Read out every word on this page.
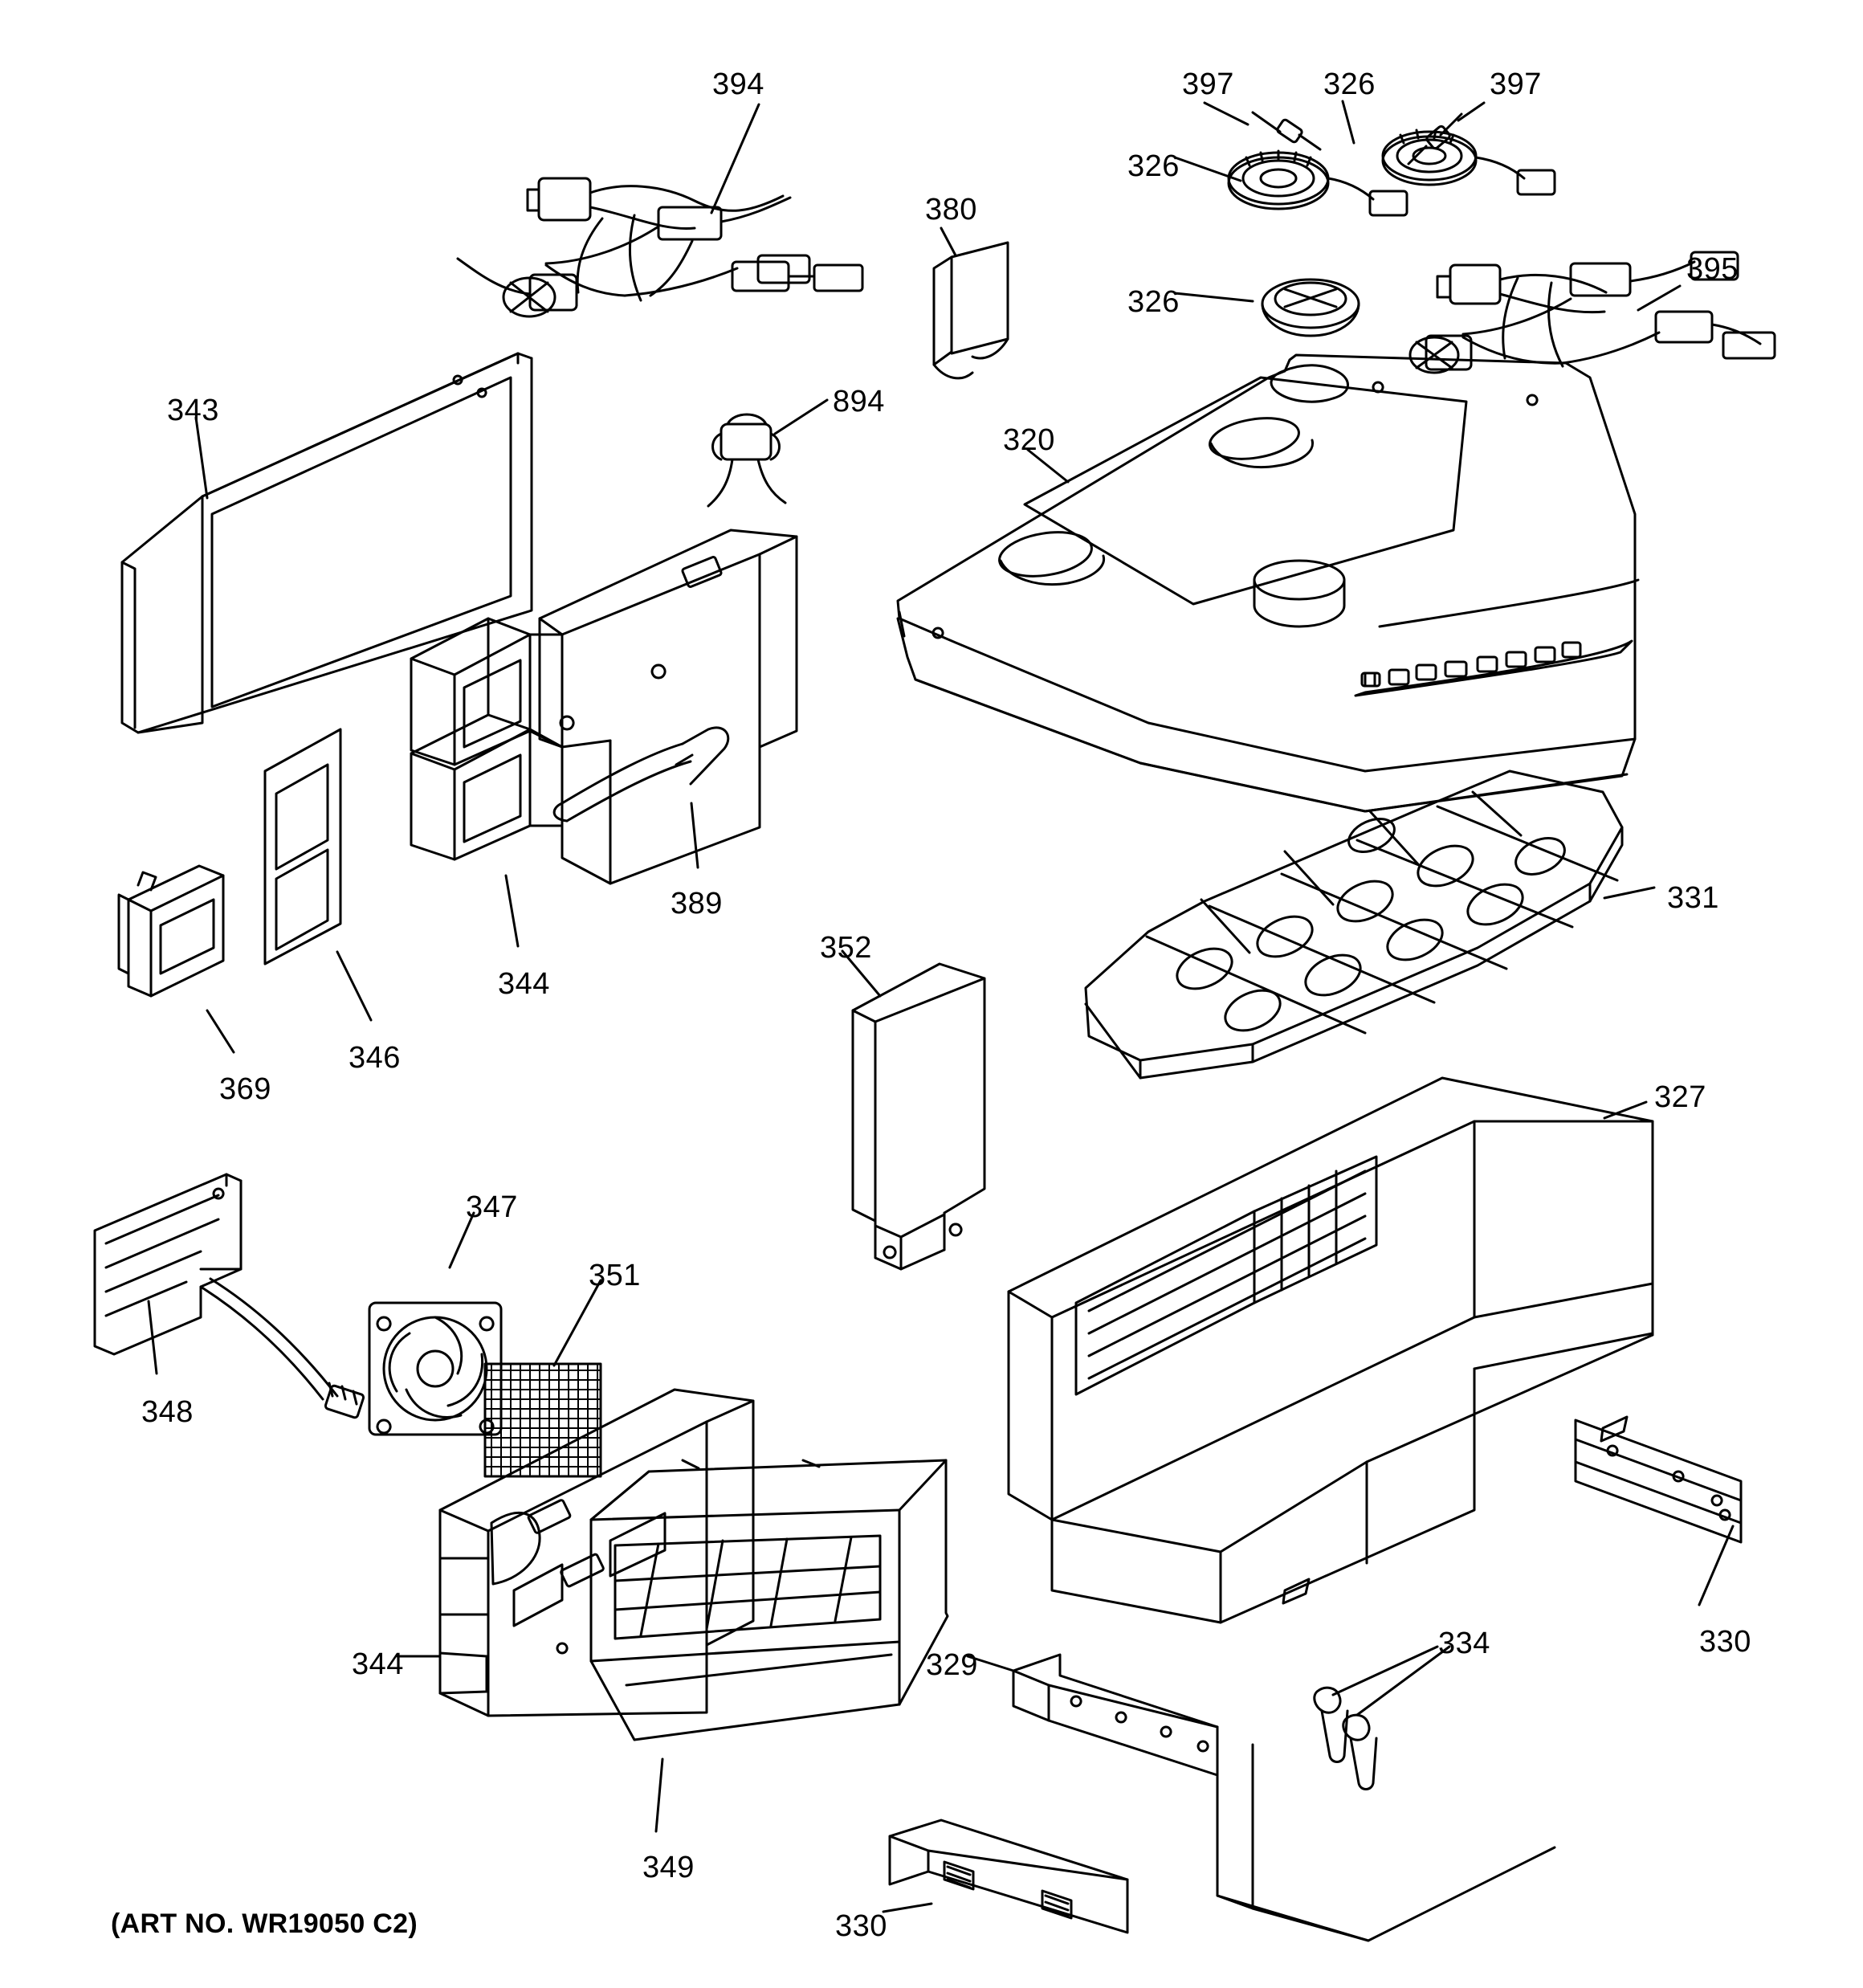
394	397	326	397
326
380
395
326
343	894
320
389	331
344
352
346
369	327
347
351
348
330
334
344	329
349
330
(ART NO. WR19050 C2)
